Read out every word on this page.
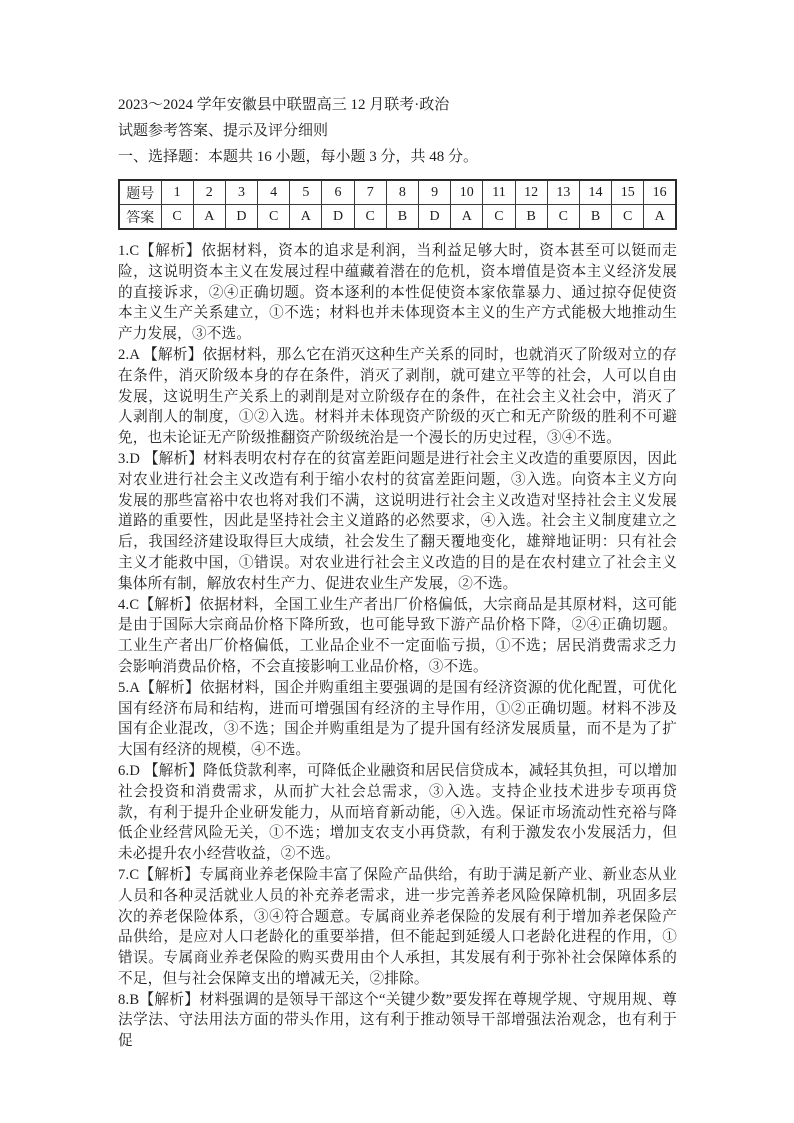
2023～2024 学年安徽县中联盟高三 12 月联考·政治

试题参考答案、提示及评分细则

一、选择题：本题共 16 小题，每小题 3 分，共 48 分。

题号	1	2	3	4	5	6	7	8	9	10	11	12	13	14	15	16
答案	C	A	D	C	A	D	C	B	D	A	C	B	C	B	C	A

1.C【解析】依据材料，资本的追求是利润，当利益足够大时，资本甚至可以铤而走险，这说明资本主义在发展过程中蕴藏着潜在的危机，资本增值是资本主义经济发展的直接诉求，②④正确切题。资本逐利的本性促使资本家依靠暴力、通过掠夺促使资本主义生产关系建立，①不选；材料也并未体现资本主义的生产方式能极大地推动生产力发展，③不选。

2.A 【解析】依据材料，那么它在消灭这种生产关系的同时，也就消灭了阶级对立的存在条件，消灭阶级本身的存在条件，消灭了剥削，就可建立平等的社会，人可以自由发展，这说明生产关系上的剥削是对立阶级存在的条件，在社会主义社会中，消灭了人剥削人的制度，①②入选。材料并未体现资产阶级的灭亡和无产阶级的胜利不可避免，也未论证无产阶级推翻资产阶级统治是一个漫长的历史过程，③④不选。

3.D 【解析】材料表明农村存在的贫富差距问题是进行社会主义改造的重要原因，因此对农业进行社会主义改造有利于缩小农村的贫富差距问题，③入选。向资本主义方向发展的那些富裕中农也将对我们不满，这说明进行社会主义改造对坚持社会主义发展道路的重要性，因此是坚持社会主义道路的必然要求，④入选。社会主义制度建立之后，我国经济建设取得巨大成绩，社会发生了翻天覆地变化，雄辩地证明：只有社会主义才能救中国，①错误。对农业进行社会主义改造的目的是在农村建立了社会主义集体所有制，解放农村生产力、促进农业生产发展，②不选。

4.C【解析】依据材料，全国工业生产者出厂价格偏低，大宗商品是其原材料，这可能是由于国际大宗商品价格下降所致，也可能导致下游产品价格下降，②④正确切题。工业生产者出厂价格偏低，工业品企业不一定面临亏损，①不选；居民消费需求乏力会影响消费品价格，不会直接影响工业品价格，③不选。

5.A【解析】依据材料，国企并购重组主要强调的是国有经济资源的优化配置，可优化国有经济布局和结构，进而可增强国有经济的主导作用，①②正确切题。材料不涉及国有企业混改，③不选；国企并购重组是为了提升国有经济发展质量，而不是为了扩大国有经济的规模，④不选。

6.D 【解析】降低贷款利率，可降低企业融资和居民信贷成本，减轻其负担，可以增加社会投资和消费需求，从而扩大社会总需求，③入选。支持企业技术进步专项再贷款，有利于提升企业研发能力，从而培育新动能，④入选。保证市场流动性充裕与降低企业经营风险无关，①不选；增加支农支小再贷款，有利于激发农小发展活力，但未必提升农小经营收益，②不选。

7.C【解析】专属商业养老保险丰富了保险产品供给，有助于满足新产业、新业态从业人员和各种灵活就业人员的补充养老需求，进一步完善养老风险保障机制，巩固多层次的养老保险体系，③④符合题意。专属商业养老保险的发展有利于增加养老保险产品供给，是应对人口老龄化的重要举措，但不能起到延缓人口老龄化进程的作用，①错误。专属商业养老保险的购买费用由个人承担，其发展有利于弥补社会保障体系的不足，但与社会保障支出的增减无关，②排除。

8.B【解析】材料强调的是领导干部这个“关键少数”要发挥在尊规学规、守规用规、尊法学法、守法用法方面的带头作用，这有利于推动领导干部增强法治观念，也有利于促
